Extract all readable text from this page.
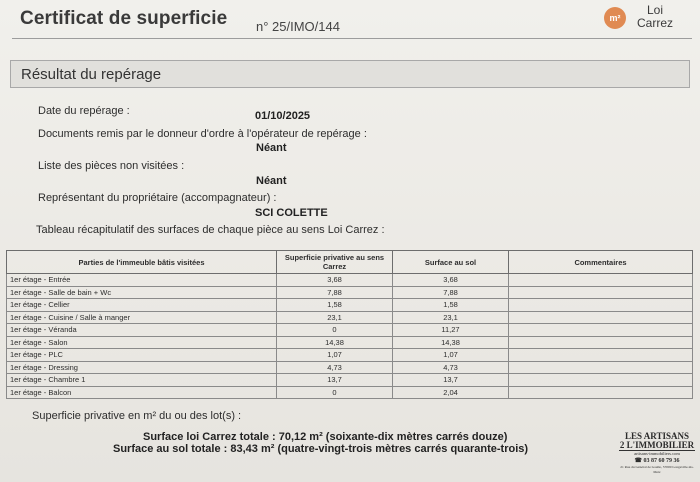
Certificat de superficie n° 25/IMO/144
m²
Loi
Carrez
Résultat du repérage
Date du repérage :	01/10/2025
Documents remis par le donneur d'ordre à l'opérateur de repérage :
Néant
Liste des pièces non visitées :
Néant
Représentant du propriétaire (accompagnateur) :
SCI COLETTE
Tableau récapitulatif des surfaces de chaque pièce au sens Loi Carrez :
Parties de l'immeuble bâtis visitées	Superficie privative au sens Carrez	Surface au sol	Commentaires
1er étage - Entrée	3,68	3,68	
1er étage - Salle de bain + Wc	7,88	7,88	
1er étage - Cellier	1,58	1,58	
1er étage - Cuisine / Salle à manger	23,1	23,1	
1er étage - Véranda	0	11,27	
1er étage - Salon	14,38	14,38	
1er étage - PLC	1,07	1,07	
1er étage - Dressing	4,73	4,73	
1er étage - Chambre 1	13,7	13,7	
1er étage - Balcon	0	2,04	
Superficie privative en m² du ou des lot(s) :
Surface loi Carrez totale : 70,12 m² (soixante-dix mètres carrés douze)
Surface au sol totale : 83,43 m² (quatre-vingt-trois mètres carrés quarante-trois)
LES ARTISANS
2 L'IMMOBILIER
artisans-immobiliers.com
☎ 03 87 60 79 36
21 Rue du Général de Gaulle, 57000 Longeville-lès-Metz
